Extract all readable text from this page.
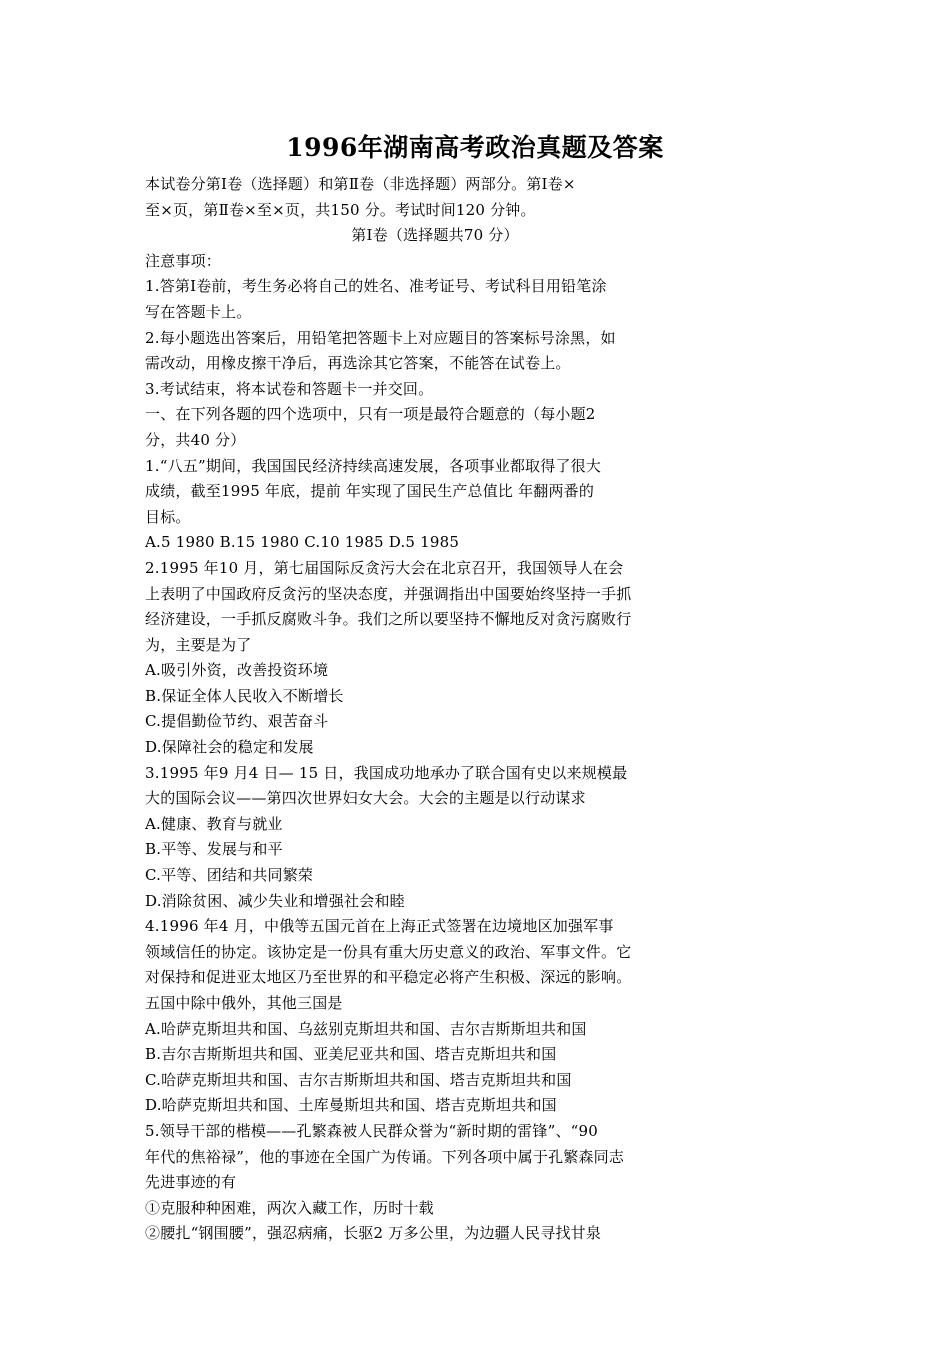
1996年湖南高考政治真题及答案
本试卷分第Ⅰ卷（选择题）和第Ⅱ卷（非选择题）两部分。第Ⅰ卷×
至×页，第Ⅱ卷×至×页，共150 分。考试时间120 分钟。
第Ⅰ卷（选择题共70 分）
注意事项：
1.答第Ⅰ卷前，考生务必将自己的姓名、准考证号、考试科目用铅笔涂
写在答题卡上。
2.每小题选出答案后，用铅笔把答题卡上对应题目的答案标号涂黑，如
需改动，用橡皮擦干净后，再选涂其它答案，不能答在试卷上。
3.考试结束，将本试卷和答题卡一并交回。
一、在下列各题的四个选项中，只有一项是最符合题意的（每小题2
分，共40 分）
1.“八五”期间，我国国民经济持续高速发展，各项事业都取得了很大
成绩，截至1995 年底，提前 年实现了国民生产总值比 年翻两番的
目标。
A.5 1980 B.15 1980 C.10 1985 D.5 1985
2.1995 年10 月，第七届国际反贪污大会在北京召开，我国领导人在会
上表明了中国政府反贪污的坚决态度，并强调指出中国要始终坚持一手抓
经济建设，一手抓反腐败斗争。我们之所以要坚持不懈地反对贪污腐败行
为，主要是为了
A.吸引外资，改善投资环境
B.保证全体人民收入不断增长
C.提倡勤俭节约、艰苦奋斗
D.保障社会的稳定和发展
3.1995 年9 月4 日— 15 日，我国成功地承办了联合国有史以来规模最
大的国际会议——第四次世界妇女大会。大会的主题是以行动谋求
A.健康、教育与就业
B.平等、发展与和平
C.平等、团结和共同繁荣
D.消除贫困、减少失业和增强社会和睦
4.1996 年4 月，中俄等五国元首在上海正式签署在边境地区加强军事
领域信任的协定。该协定是一份具有重大历史意义的政治、军事文件。它
对保持和促进亚太地区乃至世界的和平稳定必将产生积极、深远的影响。
五国中除中俄外，其他三国是
A.哈萨克斯坦共和国、乌兹别克斯坦共和国、吉尔吉斯斯坦共和国
B.吉尔吉斯斯坦共和国、亚美尼亚共和国、塔吉克斯坦共和国
C.哈萨克斯坦共和国、吉尔吉斯斯坦共和国、塔吉克斯坦共和国
D.哈萨克斯坦共和国、土库曼斯坦共和国、塔吉克斯坦共和国
5.领导干部的楷模——孔繁森被人民群众誉为“新时期的雷锋”、“90
年代的焦裕禄”，他的事迹在全国广为传诵。下列各项中属于孔繁森同志
先进事迹的有
①克服种种困难，两次入藏工作，历时十载
②腰扎“钢围腰”，强忍病痛，长驱2 万多公里，为边疆人民寻找甘泉
